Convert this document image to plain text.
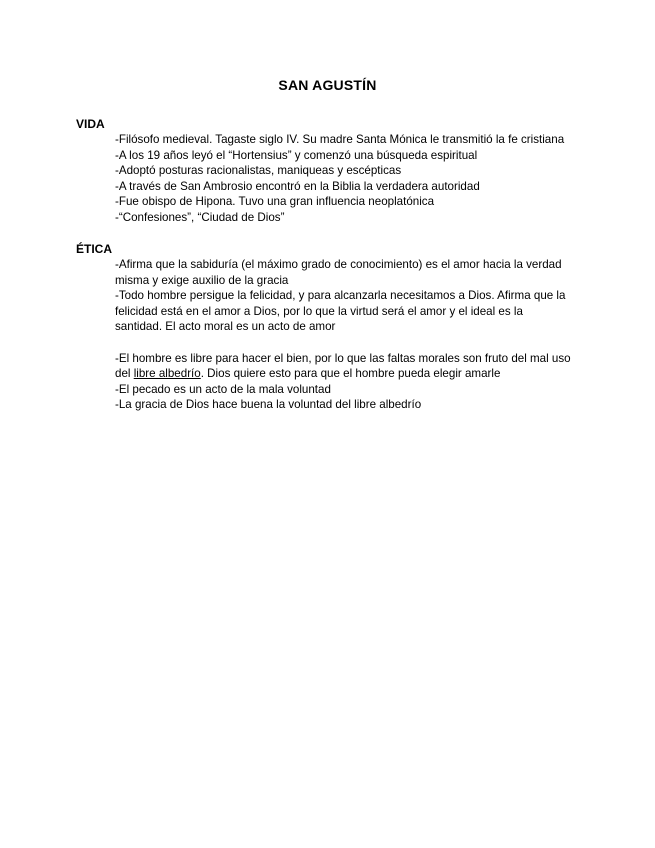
SAN AGUSTÍN

VIDA

-Filósofo medieval. Tagaste siglo IV. Su madre Santa Mónica le transmitió la fe cristiana
-A los 19 años leyó el “Hortensius” y comenzó una búsqueda espiritual
-Adoptó posturas racionalistas, maniqueas y escépticas
-A través de San Ambrosio encontró en la Biblia la verdadera autoridad
-Fue obispo de Hipona. Tuvo una gran influencia neoplatónica
-“Confesiones”, “Ciudad de Dios”

ÉTICA

-Afirma que la sabiduría (el máximo grado de conocimiento) es el amor hacia la verdad
misma y exige auxilio de la gracia
-Todo hombre persigue la felicidad, y para alcanzarla necesitamos a Dios. Afirma que la
felicidad está en el amor a Dios, por lo que la virtud será el amor y el ideal es la
santidad. El acto moral es un acto de amor
-El hombre es libre para hacer el bien, por lo que las faltas morales son fruto del mal uso
del libre albedrío. Dios quiere esto para que el hombre pueda elegir amarle
-El pecado es un acto de la mala voluntad
-La gracia de Dios hace buena la voluntad del libre albedrío
